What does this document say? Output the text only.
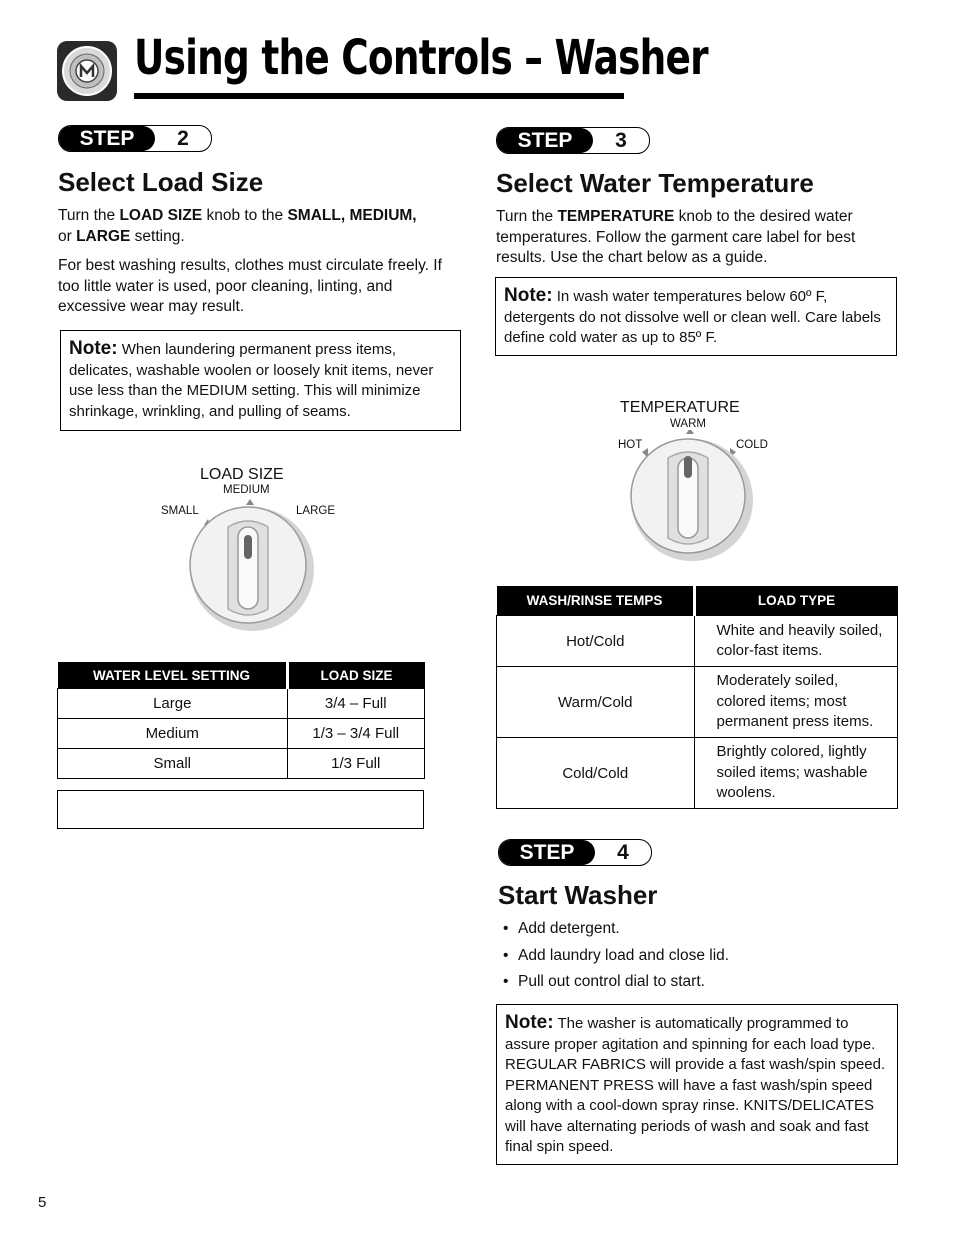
Using the Controls – Washer
STEP	2
Select Load Size
Turn the LOAD SIZE knob to the SMALL, MEDIUM,
or LARGE setting.
For best washing results, clothes must circulate freely. If too little water is used, poor cleaning, linting, and excessive wear may result.
Note: When laundering permanent press items, delicates, washable woolen or loosely knit items, never use less than the MEDIUM setting. This will minimize shrinkage, wrinkling, and pulling of seams.
LOAD SIZE
MEDIUM
SMALL	LARGE
WATER LEVEL SETTING	LOAD SIZE
Large	3/4 – Full
Medium	1/3 – 3/4 Full
Small	1/3 Full
STEP	3
Select Water Temperature
Turn the TEMPERATURE knob to the desired water temperatures. Follow the garment care label for best results. Use the chart below as a guide.
Note: In wash water temperatures below 60º F, detergents do not dissolve well or clean well. Care labels define cold water as up to 85º F.
TEMPERATURE
WARM
HOT	COLD
WASH/RINSE TEMPS	LOAD TYPE
Hot/Cold	White and heavily soiled, color-fast items.
Warm/Cold	Moderately soiled, colored items; most permanent press items.
Cold/Cold	Brightly colored, lightly soiled items; washable woolens.
STEP	4
Start Washer
• Add detergent.
• Add laundry load and close lid.
• Pull out control dial to start.
Note: The washer is automatically programmed to assure proper agitation and spinning for each load type. REGULAR FABRICS will provide a fast wash/spin speed. PERMANENT PRESS will have a fast wash/spin speed along with a cool-down spray rinse. KNITS/DELICATES will have alternating periods of wash and soak and fast final spin speed.
5
